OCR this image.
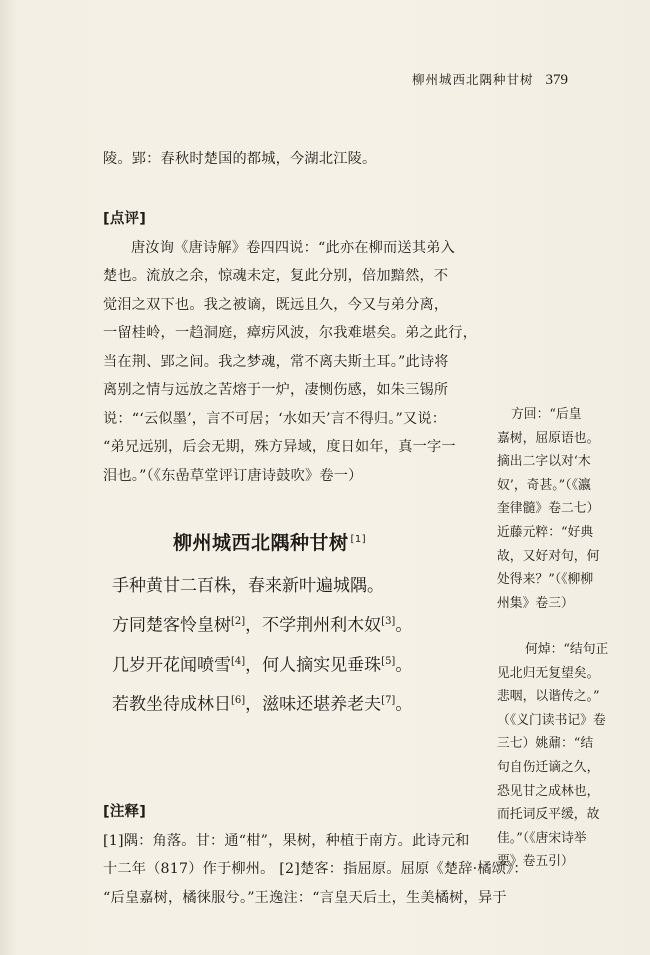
柳州城西北隅种甘树 379
陵。郢：春秋时楚国的都城，今湖北江陵。
[点评]
唐汝询《唐诗解》卷四四说：“此亦在柳而送其弟入
楚也。流放之余，惊魂未定，复此分别，倍加黯然，不
觉泪之双下也。我之被谪，既远且久，今又与弟分离，
一留桂岭，一趋洞庭，瘴疠风波，尔我难堪矣。弟之此行，
当在荆、郢之间。我之梦魂，常不离夫斯土耳。”此诗将
离别之情与远放之苦熔于一炉，凄恻伤感，如朱三锡所
说：“‘云似墨’，言不可居；‘水如天’言不得归。”又说：
“弟兄远别，后会无期，殊方异域，度日如年，真一字一
泪也。”（《东嵒草堂评订唐诗鼓吹》卷一）
柳州城西北隅种甘树 [1]
手种黄甘二百株，春来新叶遍城隅。
方同楚客怜皇树[2]，不学荆州利木奴[3]。
几岁开花闻喷雪[4]，何人摘实见垂珠[5]。
若教坐待成林日[6]，滋味还堪养老夫[7]。
[注释]
[1]隅：角落。甘：通“柑”，果树，种植于南方。此诗元和
十二年（817）作于柳州。 [2]楚客：指屈原。屈原《楚辞·橘颂》：
“后皇嘉树，橘徕服兮。”王逸注：“言皇天后土，生美橘树，异于
方回：“后皇
嘉树，屈原语也。
摘出二字以对‘木
奴’，奇甚。”（《瀛
奎律髓》卷二七）
近藤元粹：“好典
故，又好对句，何
处得来？”（《柳柳
州集》卷三）
何焯：“结句正
见北归无复望矣。
悲咽，以谐传之。”
（《义门读书记》卷
三七）姚鼐：“结
句自伤迁谪之久，
恐见甘之成林也，
而托词反平缓，故
佳。”（《唐宋诗举
要》卷五引）
